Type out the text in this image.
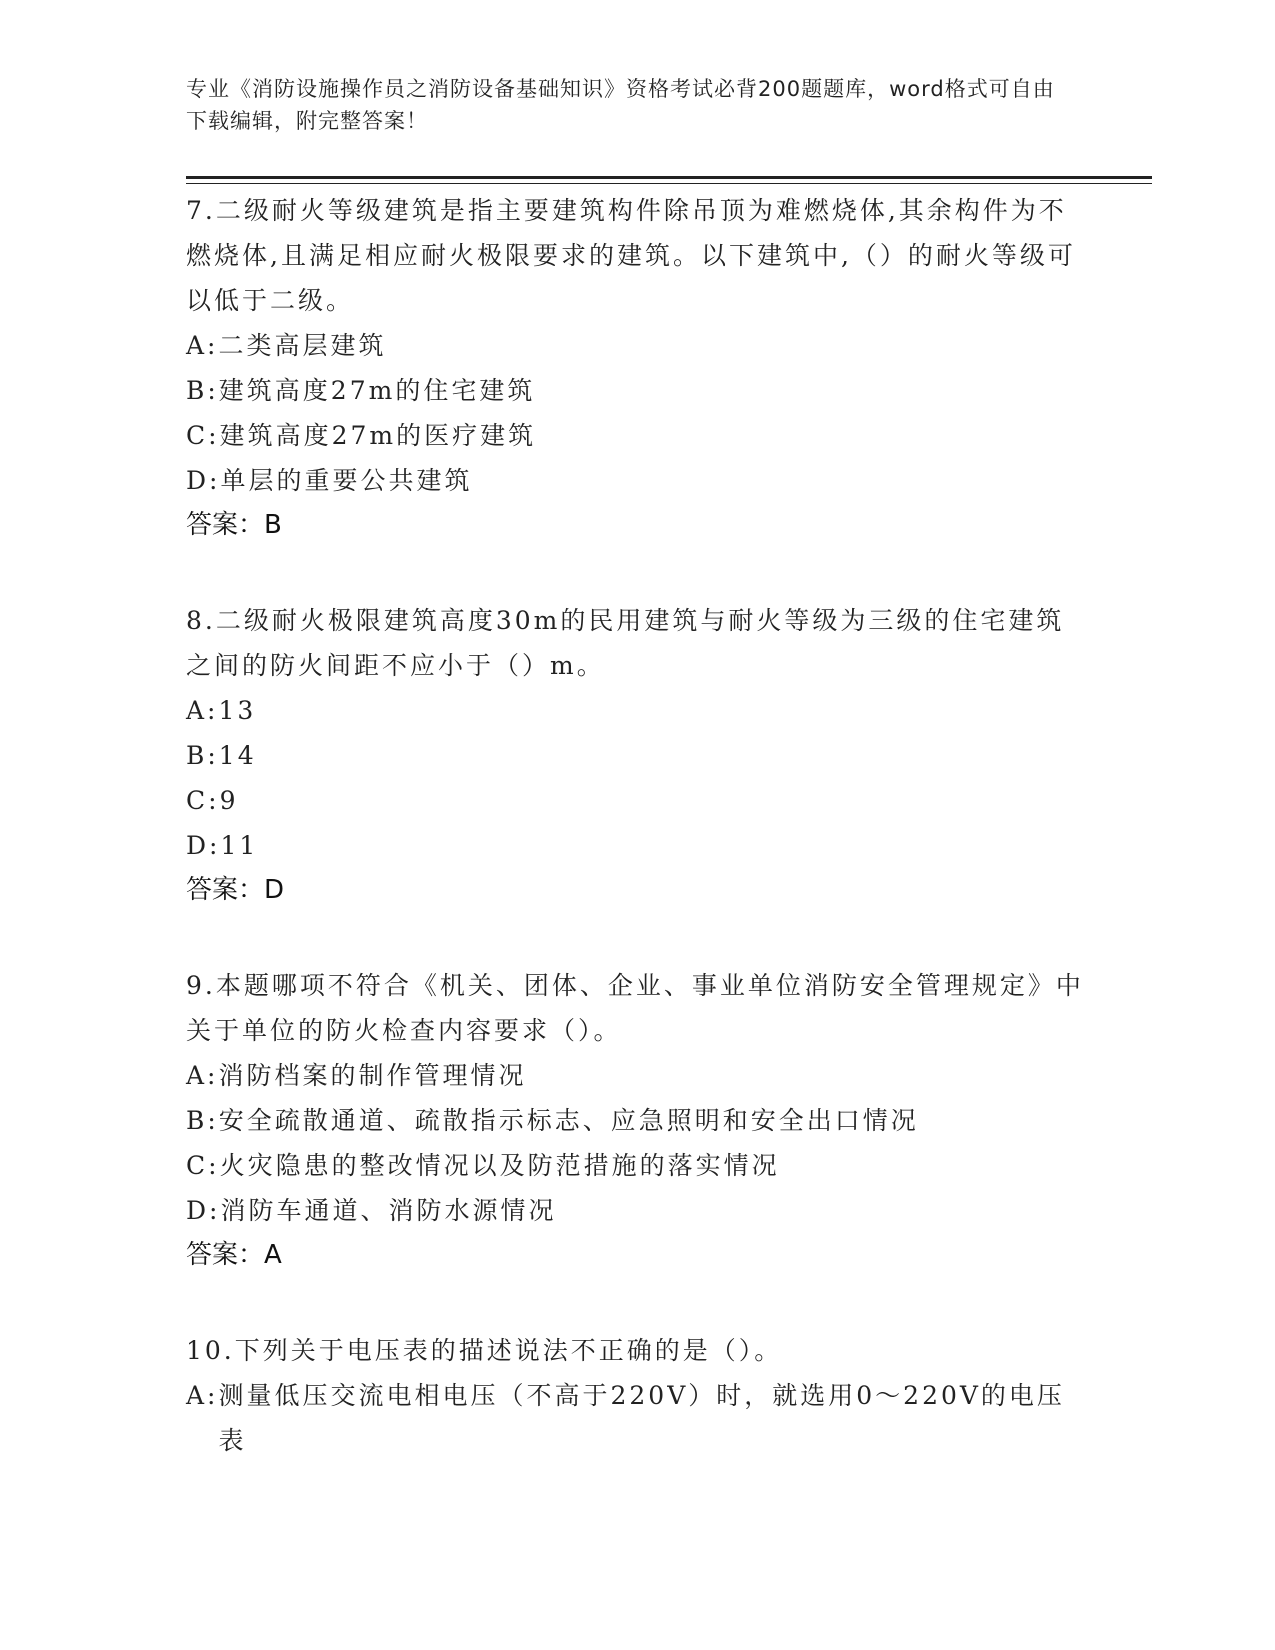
专业《消防设施操作员之消防设备基础知识》资格考试必背200题题库，word格式可自由下载编辑，附完整答案！

7.二级耐火等级建筑是指主要建筑构件除吊顶为难燃烧体,其余构件为不燃烧体,且满足相应耐火极限要求的建筑。以下建筑中,（）的耐火等级可以低于二级。

A: 二类高层建筑
B: 建筑高度27m的住宅建筑
C: 建筑高度27m的医疗建筑
D: 单层的重要公共建筑

答案：B

8.二级耐火极限建筑高度30m的民用建筑与耐火等级为三级的住宅建筑之间的防火间距不应小于（）m。

A: 13
B: 14
C: 9
D: 11

答案：D

9.本题哪项不符合《机关、团体、企业、事业单位消防安全管理规定》中关于单位的防火检查内容要求（）。

A: 消防档案的制作管理情况
B: 安全疏散通道、疏散指示标志、应急照明和安全出口情况
C: 火灾隐患的整改情况以及防范措施的落实情况
D: 消防车通道、消防水源情况

答案：A

10.下列关于电压表的描述说法不正确的是（）。

A: 测量低压交流电相电压（不高于220V）时，就选用0～220V的电压表
